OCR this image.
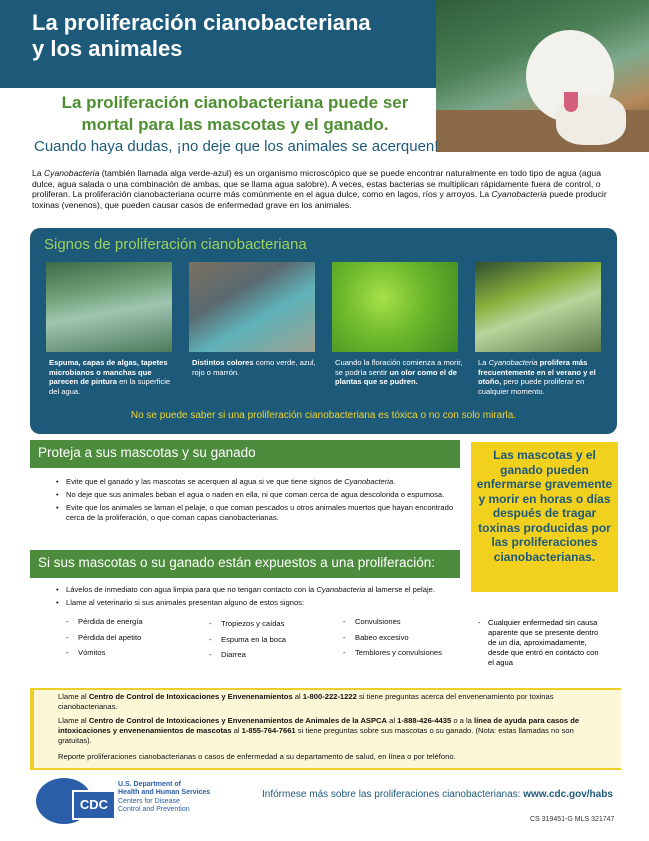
La proliferación cianobacteriana
y los animales
La proliferación cianobacteriana puede ser
mortal para las mascotas y el ganado.
Cuando haya dudas, ¡no deje que los animales se acerquen!
La Cyanobacteria (también llamada alga verde-azul) es un organismo microscópico que se puede encontrar naturalmente en todo tipo de agua (agua dulce, agua salada o una combinación de ambas, que se llama agua salobre). A veces, estas bacterias se multiplican rápidamente fuera de control, o proliferan. La proliferación cianobacteriana ocurre más comúnmente en el agua dulce, como en lagos, ríos y arroyos. La Cyanobacteria puede producir toxinas (venenos), que pueden causar casos de enfermedad grave en los animales.
Signos de proliferación cianobacteriana
Espuma, capas de algas, tapetes microbianos o manchas que parecen de pintura en la superficie del agua.
Distintos colores como verde, azul, rojo o marrón.
Cuando la floración comienza a morir, se podría sentir un olor como el de plantas que se pudren.
La Cyanobacteria prolifera más frecuentemente en el verano y el otoño, pero puede proliferar en cualquier momento.
No se puede saber si una proliferación cianobacteriana es tóxica o no con solo mirarla.
Proteja a sus mascotas y su ganado
• Evite que el ganado y las mascotas se acerquen al agua si ve que tiene signos de Cyanobacteria.
• No deje que sus animales beban el agua o naden en ella, ni que coman cerca de agua descolorida o espumosa.
• Evite que los animales se laman el pelaje, o que coman pescados u otros animales muertos que hayan encontrado cerca de la proliferación, o que coman capas cianobacterianas.
Las mascotas y el ganado pueden enfermarse gravemente y morir en horas o días después de tragar toxinas producidas por las proliferaciones cianobacterianas.
Si sus mascotas o su ganado están expuestos a una proliferación:
• Lávelos de inmediato con agua limpia para que no tengan contacto con la Cyanobacteria al lamerse el pelaje.
• Llame al veterinario si sus animales presentan alguno de estos signos:
- Pérdida de energía
- Pérdida del apetito
- Vómitos
- Tropiezos y caídas
- Espuma en la boca
- Diarrea
- Convulsiones
- Babeo excesivo
- Temblores y convulsiones
- Cualquier enfermedad sin causa aparente que se presente dentro de un día, aproximadamente, desde que entró en contacto con el agua
Llame al Centro de Control de Intoxicaciones y Envenenamientos al 1-800-222-1222 si tiene preguntas acerca del envenenamiento por toxinas cianobacterianas.
Llame al Centro de Control de Intoxicaciones y Envenenamientos de Animales de la ASPCA al 1-888-426-4435 o a la línea de ayuda para casos de intoxicaciones y envenenamientos de mascotas al 1-855-764-7661 si tiene preguntas sobre sus mascotas o su ganado. (Nota: estas llamadas no son gratuitas).
Reporte proliferaciones cianobacterianas o casos de enfermedad a su departamento de salud, en línea o por teléfono.
CDC
U.S. Department of
Health and Human Services
Centers for Disease
Control and Prevention
Infórmese más sobre las proliferaciones cianobacterianas: www.cdc.gov/habs
CS 319451-G MLS 321747
